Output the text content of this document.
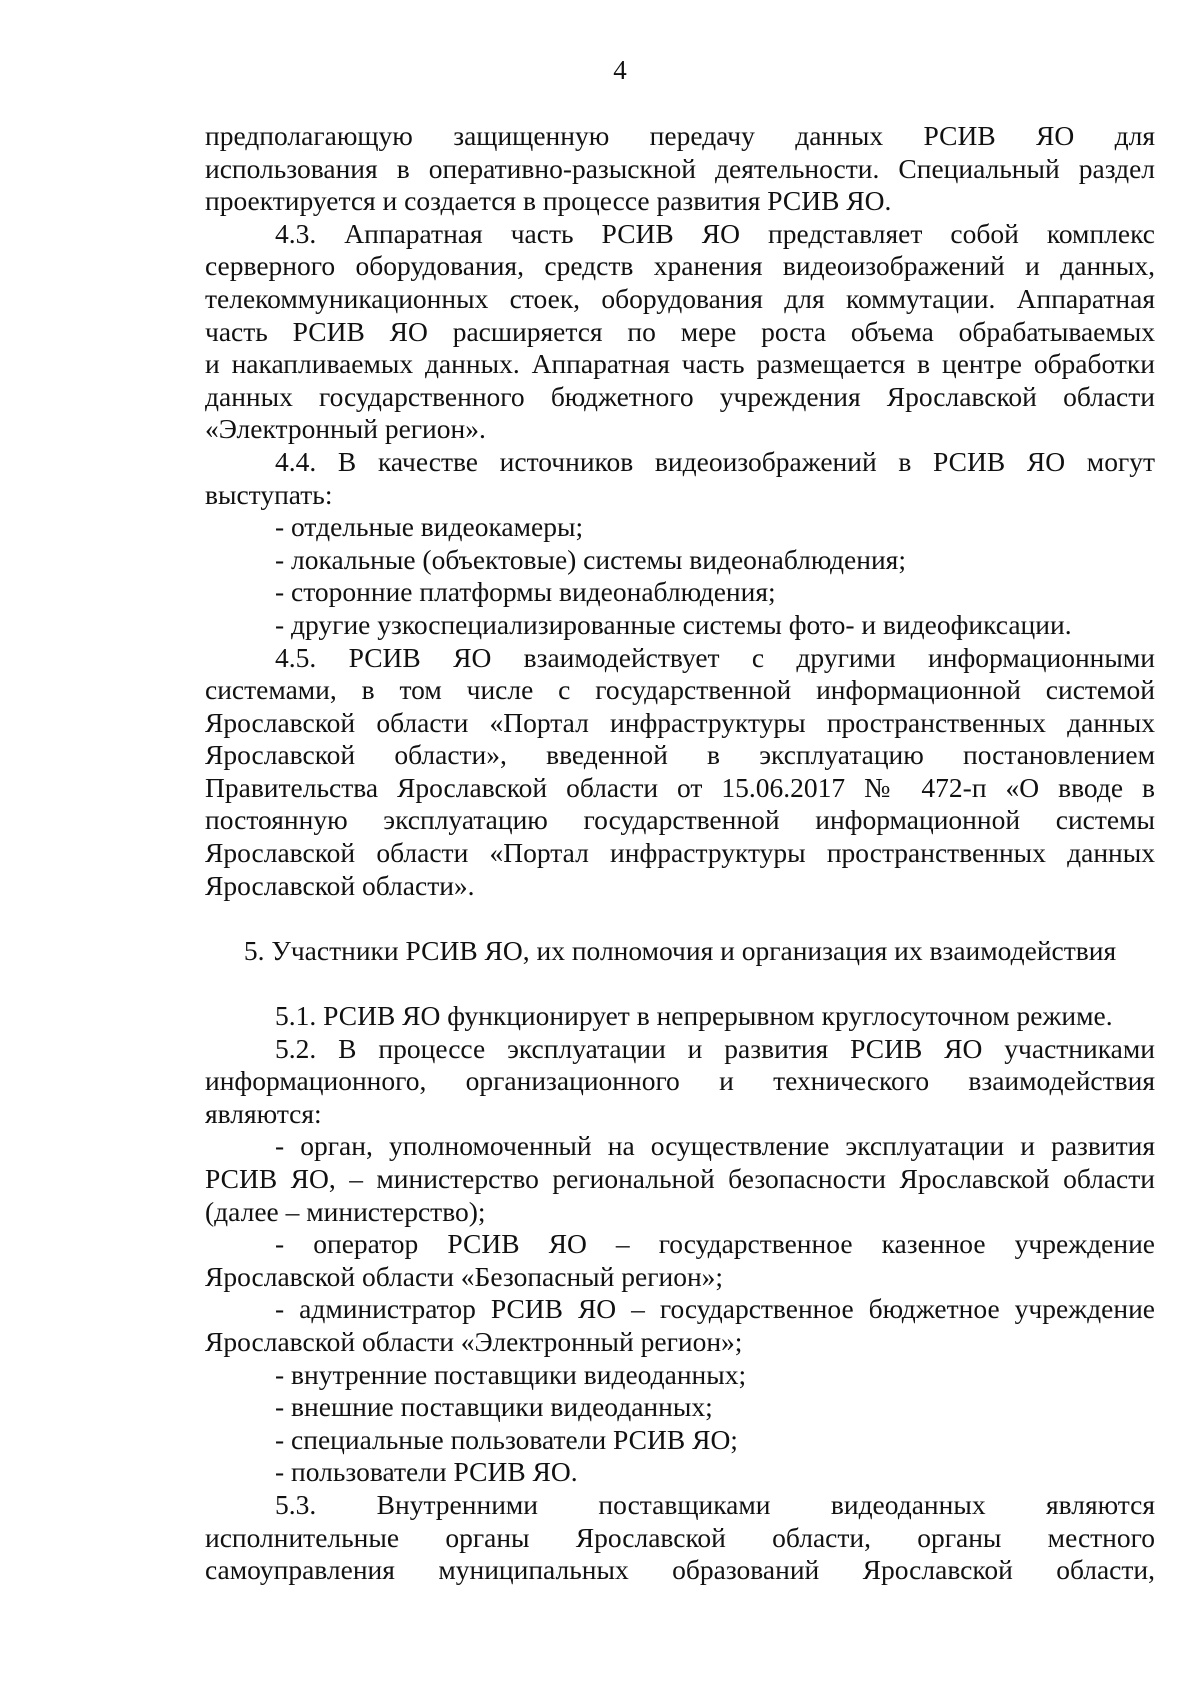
4
предполагающую защищенную передачу данных РСИВ ЯО для
использования в оперативно-разыскной деятельности. Специальный раздел
проектируется и создается в процессе развития РСИВ ЯО.
4.3. Аппаратная часть РСИВ ЯО представляет собой комплекс
серверного оборудования, средств хранения видеоизображений и данных,
телекоммуникационных стоек, оборудования для коммутации. Аппаратная
часть РСИВ ЯО расширяется по мере роста объема обрабатываемых
и накапливаемых данных. Аппаратная часть размещается в центре обработки
данных государственного бюджетного учреждения Ярославской области
«Электронный регион».
4.4. В качестве источников видеоизображений в РСИВ ЯО могут
выступать:
- отдельные видеокамеры;
- локальные (объектовые) системы видеонаблюдения;
- сторонние платформы видеонаблюдения;
- другие узкоспециализированные системы фото- и видеофиксации.
4.5. РСИВ ЯО взаимодействует с другими информационными
системами, в том числе с государственной информационной системой
Ярославской области «Портал инфраструктуры пространственных данных
Ярославской области», введенной в эксплуатацию постановлением
Правительства Ярославской области от 15.06.2017 № 472-п «О вводе в
постоянную эксплуатацию государственной информационной системы
Ярославской области «Портал инфраструктуры пространственных данных
Ярославской области».
5. Участники РСИВ ЯО, их полномочия и организация их взаимодействия
5.1. РСИВ ЯО функционирует в непрерывном круглосуточном режиме.
5.2. В процессе эксплуатации и развития РСИВ ЯО участниками
информационного, организационного и технического взаимодействия
являются:
- орган, уполномоченный на осуществление эксплуатации и развития
РСИВ ЯО, – министерство региональной безопасности Ярославской области
(далее – министерство);
- оператор РСИВ ЯО – государственное казенное учреждение
Ярославской области «Безопасный регион»;
- администратор РСИВ ЯО – государственное бюджетное учреждение
Ярославской области «Электронный регион»;
- внутренние поставщики видеоданных;
- внешние поставщики видеоданных;
- специальные пользователи РСИВ ЯО;
- пользователи РСИВ ЯО.
5.3. Внутренними поставщиками видеоданных являются
исполнительные органы Ярославской области, органы местного
самоуправления муниципальных образований Ярославской области,
